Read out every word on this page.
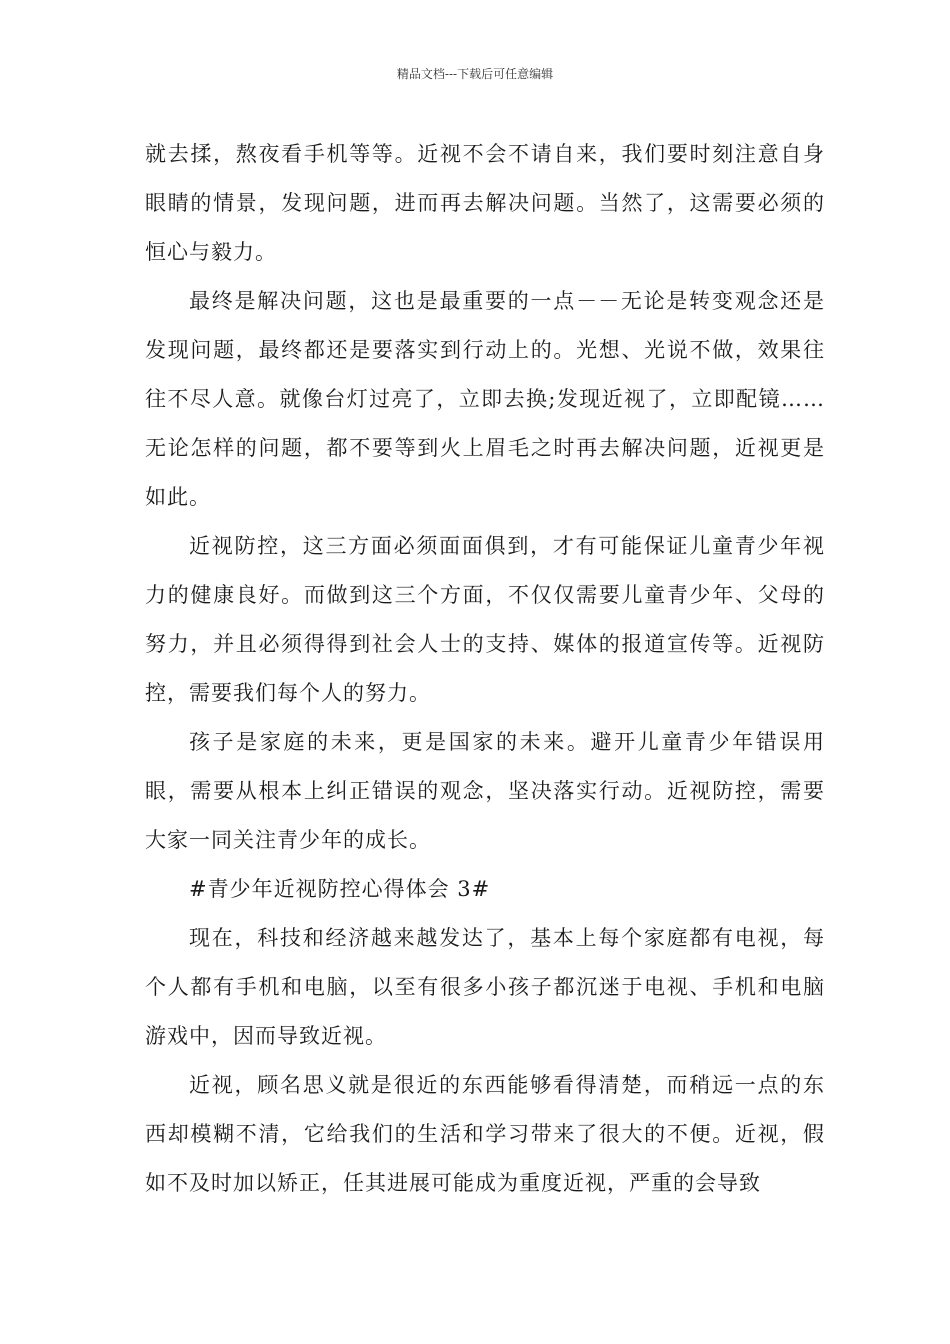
精品文档---下载后可任意编辑

就去揉，熬夜看手机等等。近视不会不请自来，我们要时刻注意自身眼睛的情景，发现问题，进而再去解决问题。当然了，这需要必须的恒心与毅力。

最终是解决问题，这也是最重要的一点－－无论是转变观念还是发现问题，最终都还是要落实到行动上的。光想、光说不做，效果往往不尽人意。就像台灯过亮了，立即去换;发现近视了，立即配镜……无论怎样的问题，都不要等到火上眉毛之时再去解决问题，近视更是如此。

近视防控，这三方面必须面面俱到，才有可能保证儿童青少年视力的健康良好。而做到这三个方面，不仅仅需要儿童青少年、父母的努力，并且必须得得到社会人士的支持、媒体的报道宣传等。近视防控，需要我们每个人的努力。

孩子是家庭的未来，更是国家的未来。避开儿童青少年错误用眼，需要从根本上纠正错误的观念，坚决落实行动。近视防控，需要大家一同关注青少年的成长。

#青少年近视防控心得体会 3#

现在，科技和经济越来越发达了，基本上每个家庭都有电视，每个人都有手机和电脑，以至有很多小孩子都沉迷于电视、手机和电脑游戏中，因而导致近视。

近视，顾名思义就是很近的东西能够看得清楚，而稍远一点的东西却模糊不清，它给我们的生活和学习带来了很大的不便。近视，假如不及时加以矫正，任其进展可能成为重度近视，严重的会导致
